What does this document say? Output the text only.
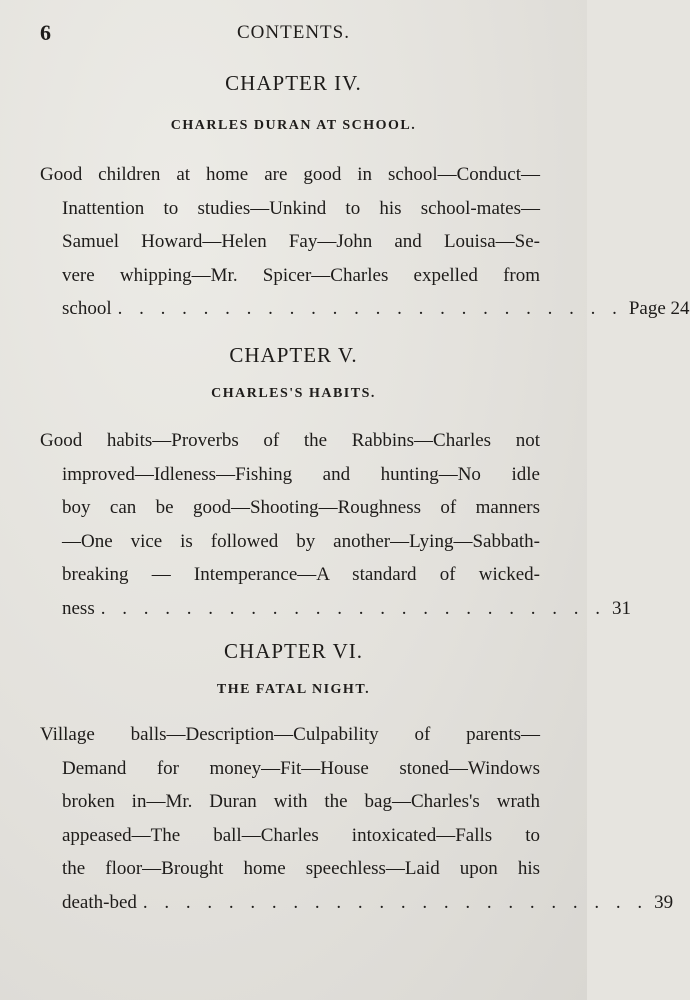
6	CONTENTS.
CHAPTER IV.
CHARLES DURAN AT SCHOOL.
Good children at home are good in school—Conduct—
Inattention to studies—Unkind to his school-mates—
Samuel Howard—Helen Fay—John and Louisa—Se-
vere whipping—Mr. Spicer—Charles expelled from
school . . . . . . . . . . . . . . . . . . . . . . . . Page 24
CHAPTER V.
CHARLES'S HABITS.
Good habits—Proverbs of the Rabbins—Charles not
improved—Idleness—Fishing and hunting—No idle
boy can be good—Shooting—Roughness of manners
—One vice is followed by another—Lying—Sabbath-
breaking — Intemperance—A standard of wicked-
ness . . . . . . . . . . . . . . . . . . . . . . . . 31
CHAPTER VI.
THE FATAL NIGHT.
Village balls—Description—Culpability of parents—
Demand for money—Fit—House stoned—Windows
broken in—Mr. Duran with the bag—Charles's wrath
appeased—The ball—Charles intoxicated—Falls to
the floor—Brought home speechless—Laid upon his
death-bed . . . . . . . . . . . . . . . . . . . . . . . . 39
